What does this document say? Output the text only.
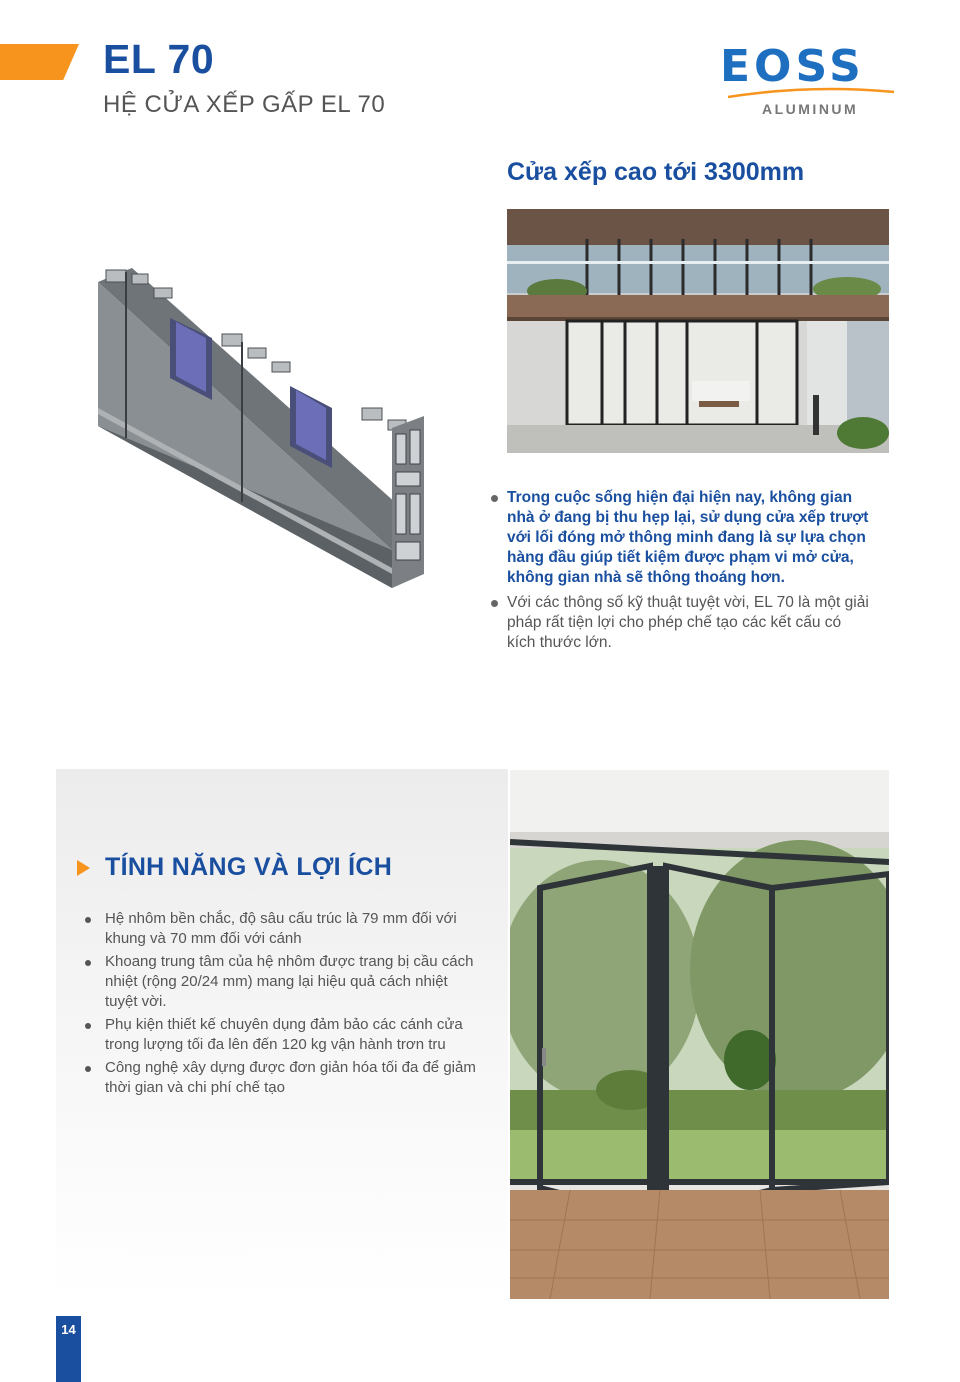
EL 70
HỆ CỬA XẾP GẤP EL 70
EOSS
ALUMINUM
Cửa xếp cao tới 3300mm
Trong cuộc sống hiện đại hiện nay, không gian nhà ở đang bị thu hẹp lại, sử dụng cửa xếp trượt với lối đóng mở thông minh đang là sự lựa chọn hàng đầu giúp tiết kiệm được phạm vi mở cửa, không gian nhà sẽ thông thoáng hơn.
Với các thông số kỹ thuật tuyệt vời, EL 70 là một giải pháp rất tiện lợi cho phép chế tạo các kết cấu có kích thước lớn.
TÍNH NĂNG VÀ LỢI ÍCH
Hệ nhôm bền chắc, độ sâu cấu trúc là 79 mm đối với khung và 70 mm đối với cánh
Khoang trung tâm của hệ nhôm được trang bị cầu cách nhiệt (rộng 20/24 mm) mang lại hiệu quả cách nhiệt tuyệt vời.
Phụ kiện thiết kế chuyên dụng đảm bảo các cánh cửa trong lượng tối đa lên đến 120 kg vận hành trơn tru
Công nghệ xây dựng được đơn giản hóa tối đa để giảm thời gian và chi phí chế tạo
14
